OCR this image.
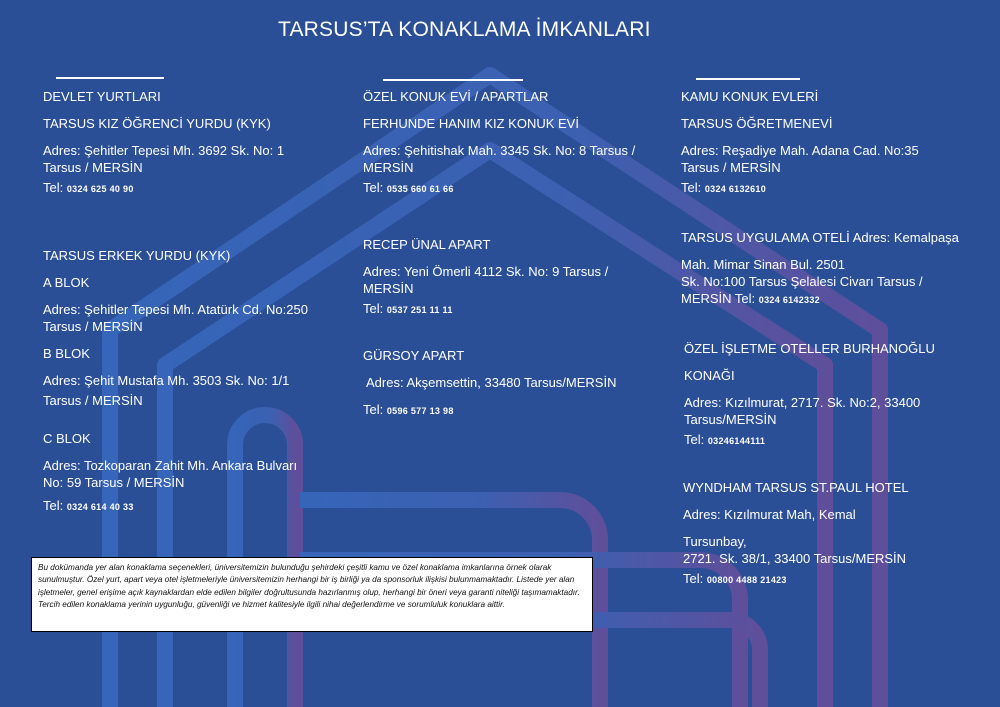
TARSUS’TA KONAKLAMA İMKANLARI
DEVLET YURTLARI
TARSUS KIZ ÖĞRENCİ YURDU (KYK)
Adres: Şehitler Tepesi Mh. 3692 Sk. No: 1
Tarsus / MERSİN
Tel: 0324 625 40 90
TARSUS ERKEK YURDU (KYK)
A BLOK
Adres: Şehitler Tepesi Mh. Atatürk Cd. No:250
Tarsus / MERSİN
B BLOK
Adres: Şehit Mustafa Mh. 3503 Sk. No: 1/1
Tarsus / MERSİN
C BLOK
Adres: Tozkoparan Zahit Mh. Ankara Bulvarı
No: 59 Tarsus / MERSİN
Tel: 0324 614 40 33
ÖZEL KONUK EVİ / APARTLAR
FERHUNDE HANIM KIZ KONUK EVİ
Adres: Şehitishak Mah. 3345 Sk. No: 8 Tarsus /
MERSİN
Tel: 0535 660 61 66
RECEP ÜNAL APART
Adres: Yeni Ömerli 4112 Sk. No: 9 Tarsus /
MERSİN
Tel: 0537 251 11 11
GÜRSOY APART
Adres: Akşemsettin, 33480 Tarsus/MERSİN
Tel: 0596 577 13 98
KAMU KONUK EVLERİ
TARSUS ÖĞRETMENEVİ
Adres: Reşadiye Mah. Adana Cad. No:35
Tarsus / MERSİN
Tel: 0324 6132610
TARSUS UYGULAMA OTELİ Adres: Kemalpaşa
Mah. Mimar Sinan Bul. 2501
Sk. No:100 Tarsus Şelalesi Civarı Tarsus /
MERSİN Tel: 0324 6142332
ÖZEL İŞLETME OTELLER BURHANOĞLU
KONAĞI
Adres: Kızılmurat, 2717. Sk. No:2, 33400
Tarsus/MERSİN
Tel: 03246144111
WYNDHAM TARSUS ST.PAUL HOTEL
Adres: Kızılmurat Mah, Kemal
Tursunbay,
2721. Sk. 38/1, 33400 Tarsus/MERSİN
Tel: 00800 4488 21423
Bu dokümanda yer alan konaklama seçenekleri, üniversitemizin bulunduğu şehirdeki çeşitli kamu ve özel konaklama imkanlarına örnek olarak sunulmuştur. Özel yurt, apart veya otel işletmeleriyle üniversitemizin herhangi bir iş birliği ya da sponsorluk ilişkisi bulunmamaktadır. Listede yer alan işletmeler, genel erişime açık kaynaklardan elde edilen bilgiler doğrultusunda hazırlanmış olup, herhangi bir öneri veya garanti niteliği taşımamaktadır. Tercih edilen konaklama yerinin uygunluğu, güvenliği ve hizmet kalitesiyle ilgili nihai değerlendirme ve sorumluluk konuklara aittir.
